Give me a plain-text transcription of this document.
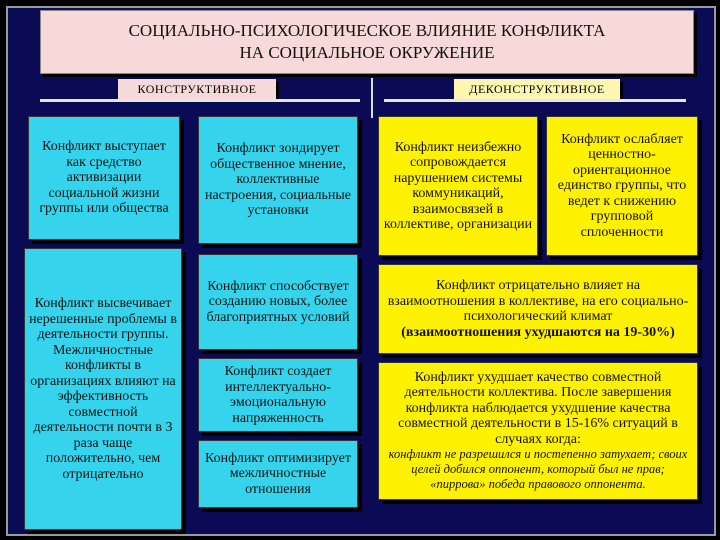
СОЦИАЛЬНО-ПСИХОЛОГИЧЕСКОЕ ВЛИЯНИЕ КОНФЛИКТА
НА СОЦИАЛЬНОЕ ОКРУЖЕНИЕ
КОНСТРУКТИВНОЕ	ДЕКОНСТРУКТИВНОЕ
Конфликт выступает как средство активизации социальной жизни группы или общества
Конфликт высвечивает нерешенные проблемы в деятельности группы. Межличностные конфликты в организациях влияют на эффективность совместной деятельности почти в 3 раза чаще положительно, чем отрицательно
Конфликт зондирует общественное мнение, коллективные настроения, социальные установки
Конфликт способствует созданию новых, более благоприятных условий
Конфликт создает интеллектуально-эмоциональную напряженность
Конфликт оптимизирует межличностные отношения
Конфликт неизбежно сопровождается нарушением системы коммуникаций, взаимосвязей в коллективе, организации
Конфликт ослабляет ценностно-ориентационное единство группы, что ведет к снижению групповой сплоченности
Конфликт отрицательно влияет на взаимоотношения в коллективе, на его социально-психологический климат
(взаимоотношения ухудшаются на 19-30%)
Конфликт ухудшает качество совместной деятельности коллектива. После завершения конфликта наблюдается ухудшение качества совместной деятельности в 15-16% ситуаций в случаях когда:
конфликт не разрешился и постепенно затухает; своих целей добился оппонент, который был не прав; «пиррова» победа правового оппонента.
